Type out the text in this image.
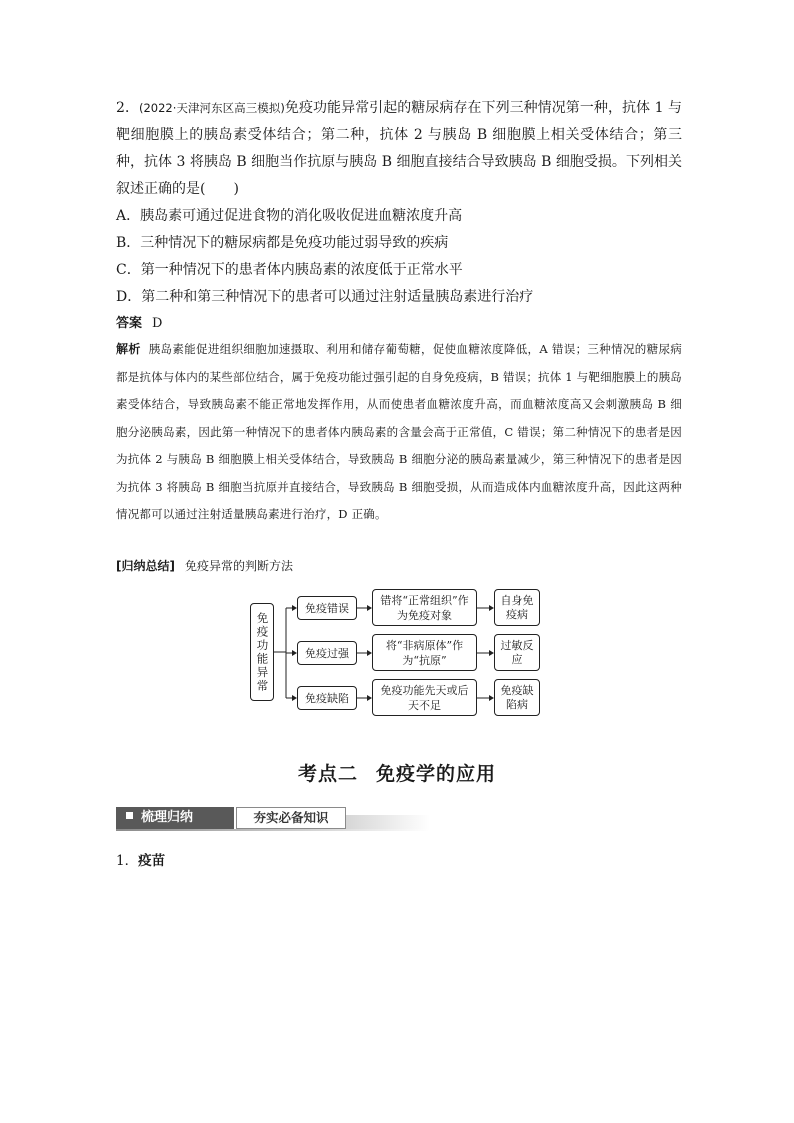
2．(2022·天津河东区高三模拟)免疫功能异常引起的糖尿病存在下列三种情况第一种，抗体 1 与靶细胞膜上的胰岛素受体结合；第二种，抗体 2 与胰岛 B 细胞膜上相关受体结合；第三种，抗体 3 将胰岛 B 细胞当作抗原与胰岛 B 细胞直接结合导致胰岛 B 细胞受损。下列相关叙述正确的是(　　)

A．胰岛素可通过促进食物的消化吸收促进血糖浓度升高

B．三种情况下的糖尿病都是免疫功能过弱导致的疾病

C．第一种情况下的患者体内胰岛素的浓度低于正常水平

D．第二种和第三种情况下的患者可以通过注射适量胰岛素进行治疗

答案 D

解析 胰岛素能促进组织细胞加速摄取、利用和储存葡萄糖，促使血糖浓度降低，A 错误；三种情况的糖尿病都是抗体与体内的某些部位结合，属于免疫功能过强引起的自身免疫病，B 错误；抗体 1 与靶细胞膜上的胰岛素受体结合，导致胰岛素不能正常地发挥作用，从而使患者血糖浓度升高，而血糖浓度高又会刺激胰岛 B 细胞分泌胰岛素，因此第一种情况下的患者体内胰岛素的含量会高于正常值，C 错误；第二种情况下的患者是因为抗体 2 与胰岛 B 细胞膜上相关受体结合，导致胰岛 B 细胞分泌的胰岛素量减少，第三种情况下的患者是因为抗体 3 将胰岛 B 细胞当抗原并直接结合，导致胰岛 B 细胞受损，从而造成体内血糖浓度升高，因此这两种情况都可以通过注射适量胰岛素进行治疗，D 正确。

[归纳总结] 免疫异常的判断方法
免疫功能异常
免疫错误
错将“正常组织”作为免疫对象
自身免疫病
免疫过强
将“非病原体”作为“抗原”
过敏反应
免疫缺陷
免疫功能先天或后天不足
免疫缺陷病
考点二 免疫学的应用
梳理归纳	夯实必备知识
1．疫苗
